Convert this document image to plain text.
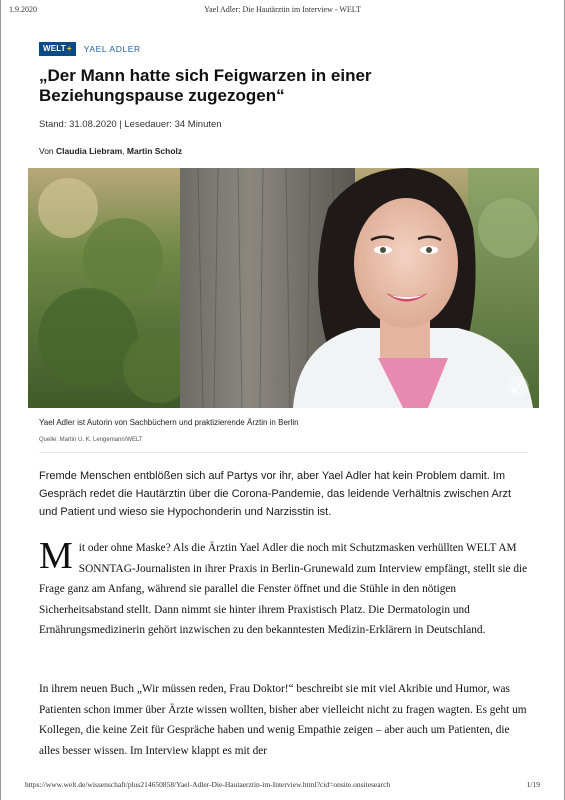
1.9.2020	Yael Adler: Die Hautärztin im Interview - WELT
WELT + YAEL ADLER
„Der Mann hatte sich Feigwarzen in einer Beziehungspause zugezogen“
Stand: 31.08.2020 | Lesedauer: 34 Minuten
Von Claudia Liebram, Martin Scholz
Yael Adler ist Autorin von Sachbüchern und praktizierende Ärztin in Berlin
Quelle: Martin U. K. Lengemann/WELT

Fremde Menschen entblößen sich auf Partys vor ihr, aber Yael Adler hat kein Problem damit. Im Gespräch redet die Hautärztin über die Corona-Pandemie, das leidende Verhältnis zwischen Arzt und Patient und wieso sie Hypochonderin und Narzisstin ist.

Mit oder ohne Maske? Als die Ärztin Yael Adler die noch mit Schutzmasken verhüllten WELT AM SONNTAG-Journalisten in ihrer Praxis in Berlin-Grunewald zum Interview empfängt, stellt sie die Frage ganz am Anfang, während sie parallel die Fenster öffnet und die Stühle in den nötigen Sicherheitsabstand stellt. Dann nimmt sie hinter ihrem Praxistisch Platz. Die Dermatologin und Ernährungsmedizinerin gehört inzwischen zu den bekanntesten Medizin-Erklärern in Deutschland.
In ihrem neuen Buch „Wir müssen reden, Frau Doktor!“ beschreibt sie mit viel Akribie und Humor, was Patienten schon immer über Ärzte wissen wollten, bisher aber vielleicht nicht zu fragen wagten. Es geht um Kollegen, die keine Zeit für Gespräche haben und wenig Empathie zeigen – aber auch um Patienten, die alles besser wissen. Im Interview klappt es mit der
https://www.welt.de/wissenschaft/plus214650858/Yael-Adler-Die-Hautaerztin-im-Interview.html?cid=onsite.onsitesearch	1/19
